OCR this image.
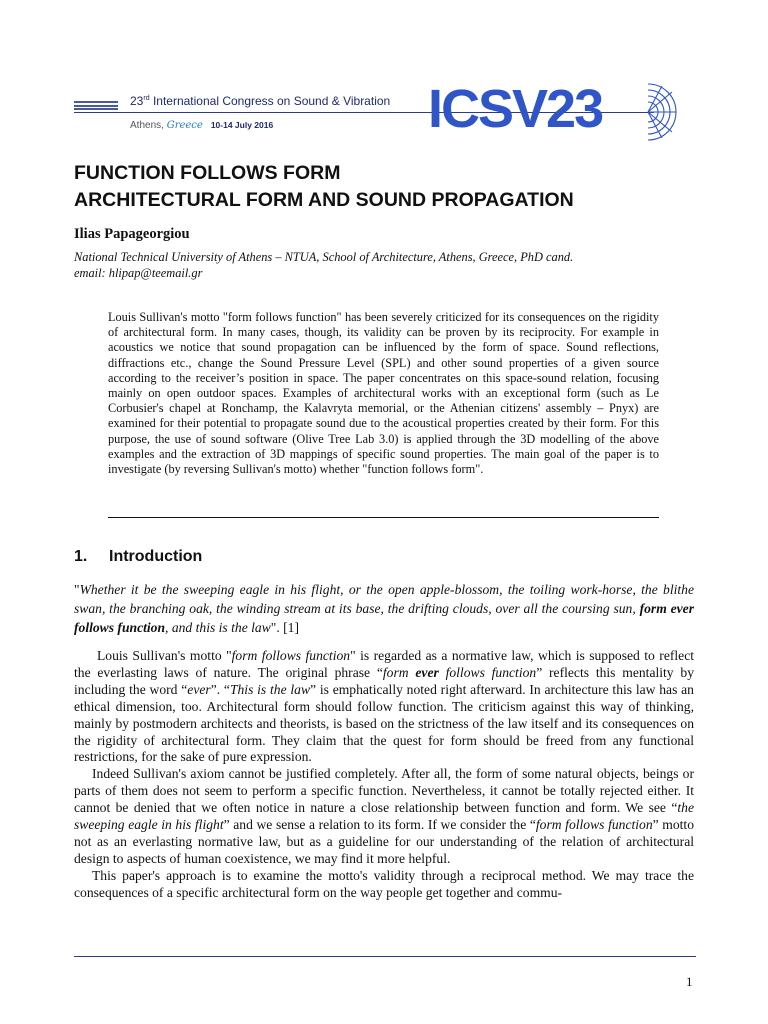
23rd International Congress on Sound & Vibration
Athens, Greece 10-14 July 2016	ICSV23
FUNCTION FOLLOWS FORM
ARCHITECTURAL FORM AND SOUND PROPAGATION
Ilias Papageorgiou
National Technical University of Athens – NTUA, School of Architecture, Athens, Greece, PhD cand.
email: hlipap@teemail.gr
Louis Sullivan's motto "form follows function" has been severely criticized for its consequences on the rigidity of architectural form. In many cases, though, its validity can be proven by its reciprocity. For example in acoustics we notice that sound propagation can be influenced by the form of space. Sound reflections, diffractions etc., change the Sound Pressure Level (SPL) and other sound properties of a given source according to the receiver’s position in space. The paper concentrates on this space-sound relation, focusing mainly on open outdoor spaces. Examples of architectural works with an exceptional form (such as Le Corbusier's chapel at Ronchamp, the Kalavryta memorial, or the Athenian citizens' assembly – Pnyx) are examined for their potential to propagate sound due to the acoustical properties created by their form. For this purpose, the use of sound software (Olive Tree Lab 3.0) is applied through the 3D modelling of the above examples and the extraction of 3D mappings of specific sound properties. The main goal of the paper is to investigate (by reversing Sullivan's motto) whether "function follows form".
1. Introduction
"Whether it be the sweeping eagle in his flight, or the open apple-blossom, the toiling work-horse, the blithe swan, the branching oak, the winding stream at its base, the drifting clouds, over all the coursing sun, form ever follows function, and this is the law". [1]

Louis Sullivan's motto "form follows function" is regarded as a normative law, which is supposed to reflect the everlasting laws of nature. The original phrase “form ever follows function” reflects this mentality by including the word “ever”. “This is the law” is emphatically noted right afterward. In architecture this law has an ethical dimension, too. Architectural form should follow function. The criticism against this way of thinking, mainly by postmodern architects and theorists, is based on the strictness of the law itself and its consequences on the rigidity of architectural form. They claim that the quest for form should be freed from any functional restrictions, for the sake of pure expression.

Indeed Sullivan's axiom cannot be justified completely. After all, the form of some natural objects, beings or parts of them does not seem to perform a specific function. Nevertheless, it cannot be totally rejected either. It cannot be denied that we often notice in nature a close relationship between function and form. We see “the sweeping eagle in his flight” and we sense a relation to its form. If we consider the “form follows function” motto not as an everlasting normative law, but as a guideline for our understanding of the relation of architectural design to aspects of human coexistence, we may find it more helpful.

This paper's approach is to examine the motto's validity through a reciprocal method. We may trace the consequences of a specific architectural form on the way people get together and commu-

1
